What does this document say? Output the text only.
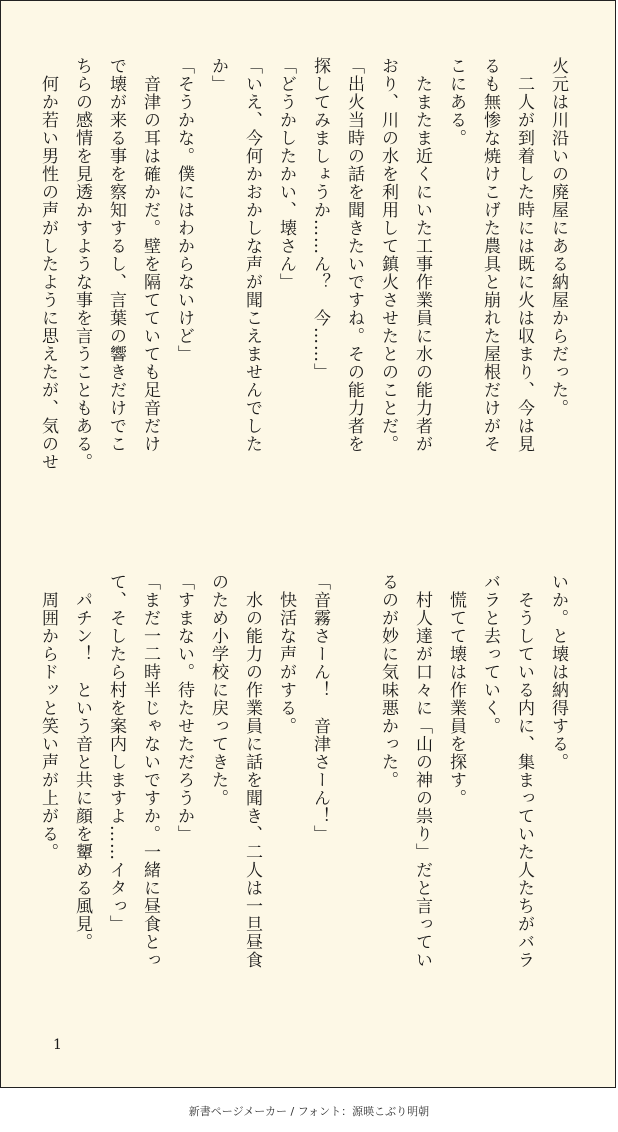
火元は川沿いの廃屋にある納屋からだった。
　二人が到着した時には既に火は収まり、今は見
るも無惨な焼けこげた農具と崩れた屋根だけがそ
こにある。
　たまたま近くにいた工事作業員に水の能力者が
おり、川の水を利用して鎮火させたとのことだ。
「出火当時の話を聞きたいですね。その能力者を
探してみましょうか……ん？　今……」
「どうかしたかい、壊さん」
「いえ、今何かおかしな声が聞こえませんでした
か」
「そうかな。僕にはわからないけど」
　音津の耳は確かだ。壁を隔てていても足音だけ
で壊が来る事を察知するし、言葉の響きだけでこ
ちらの感情を見透かすような事を言うこともある。
　何か若い男性の声がしたように思えたが、気のせ
いか。と壊は納得する。
　そうしている内に、集まっていた人たちがバラ
バラと去っていく。
　慌てて壊は作業員を探す。
　村人達が口々に「山の神の祟り」だと言ってい
るのが妙に気味悪かった。
「音霧さーん！　音津さーん！」
　快活な声がする。
　水の能力の作業員に話を聞き、二人は一旦昼食
のため小学校に戻ってきた。
「すまない。待たせただろうか」
「まだ一二時半じゃないですか。一緒に昼食とっ
て、そしたら村を案内しますよ……イタっ」
　パチン！　という音と共に顔を顰める風見。
　周囲からドッと笑い声が上がる。
1
新書ページメーカー / フォント：源暎こぶり明朝
